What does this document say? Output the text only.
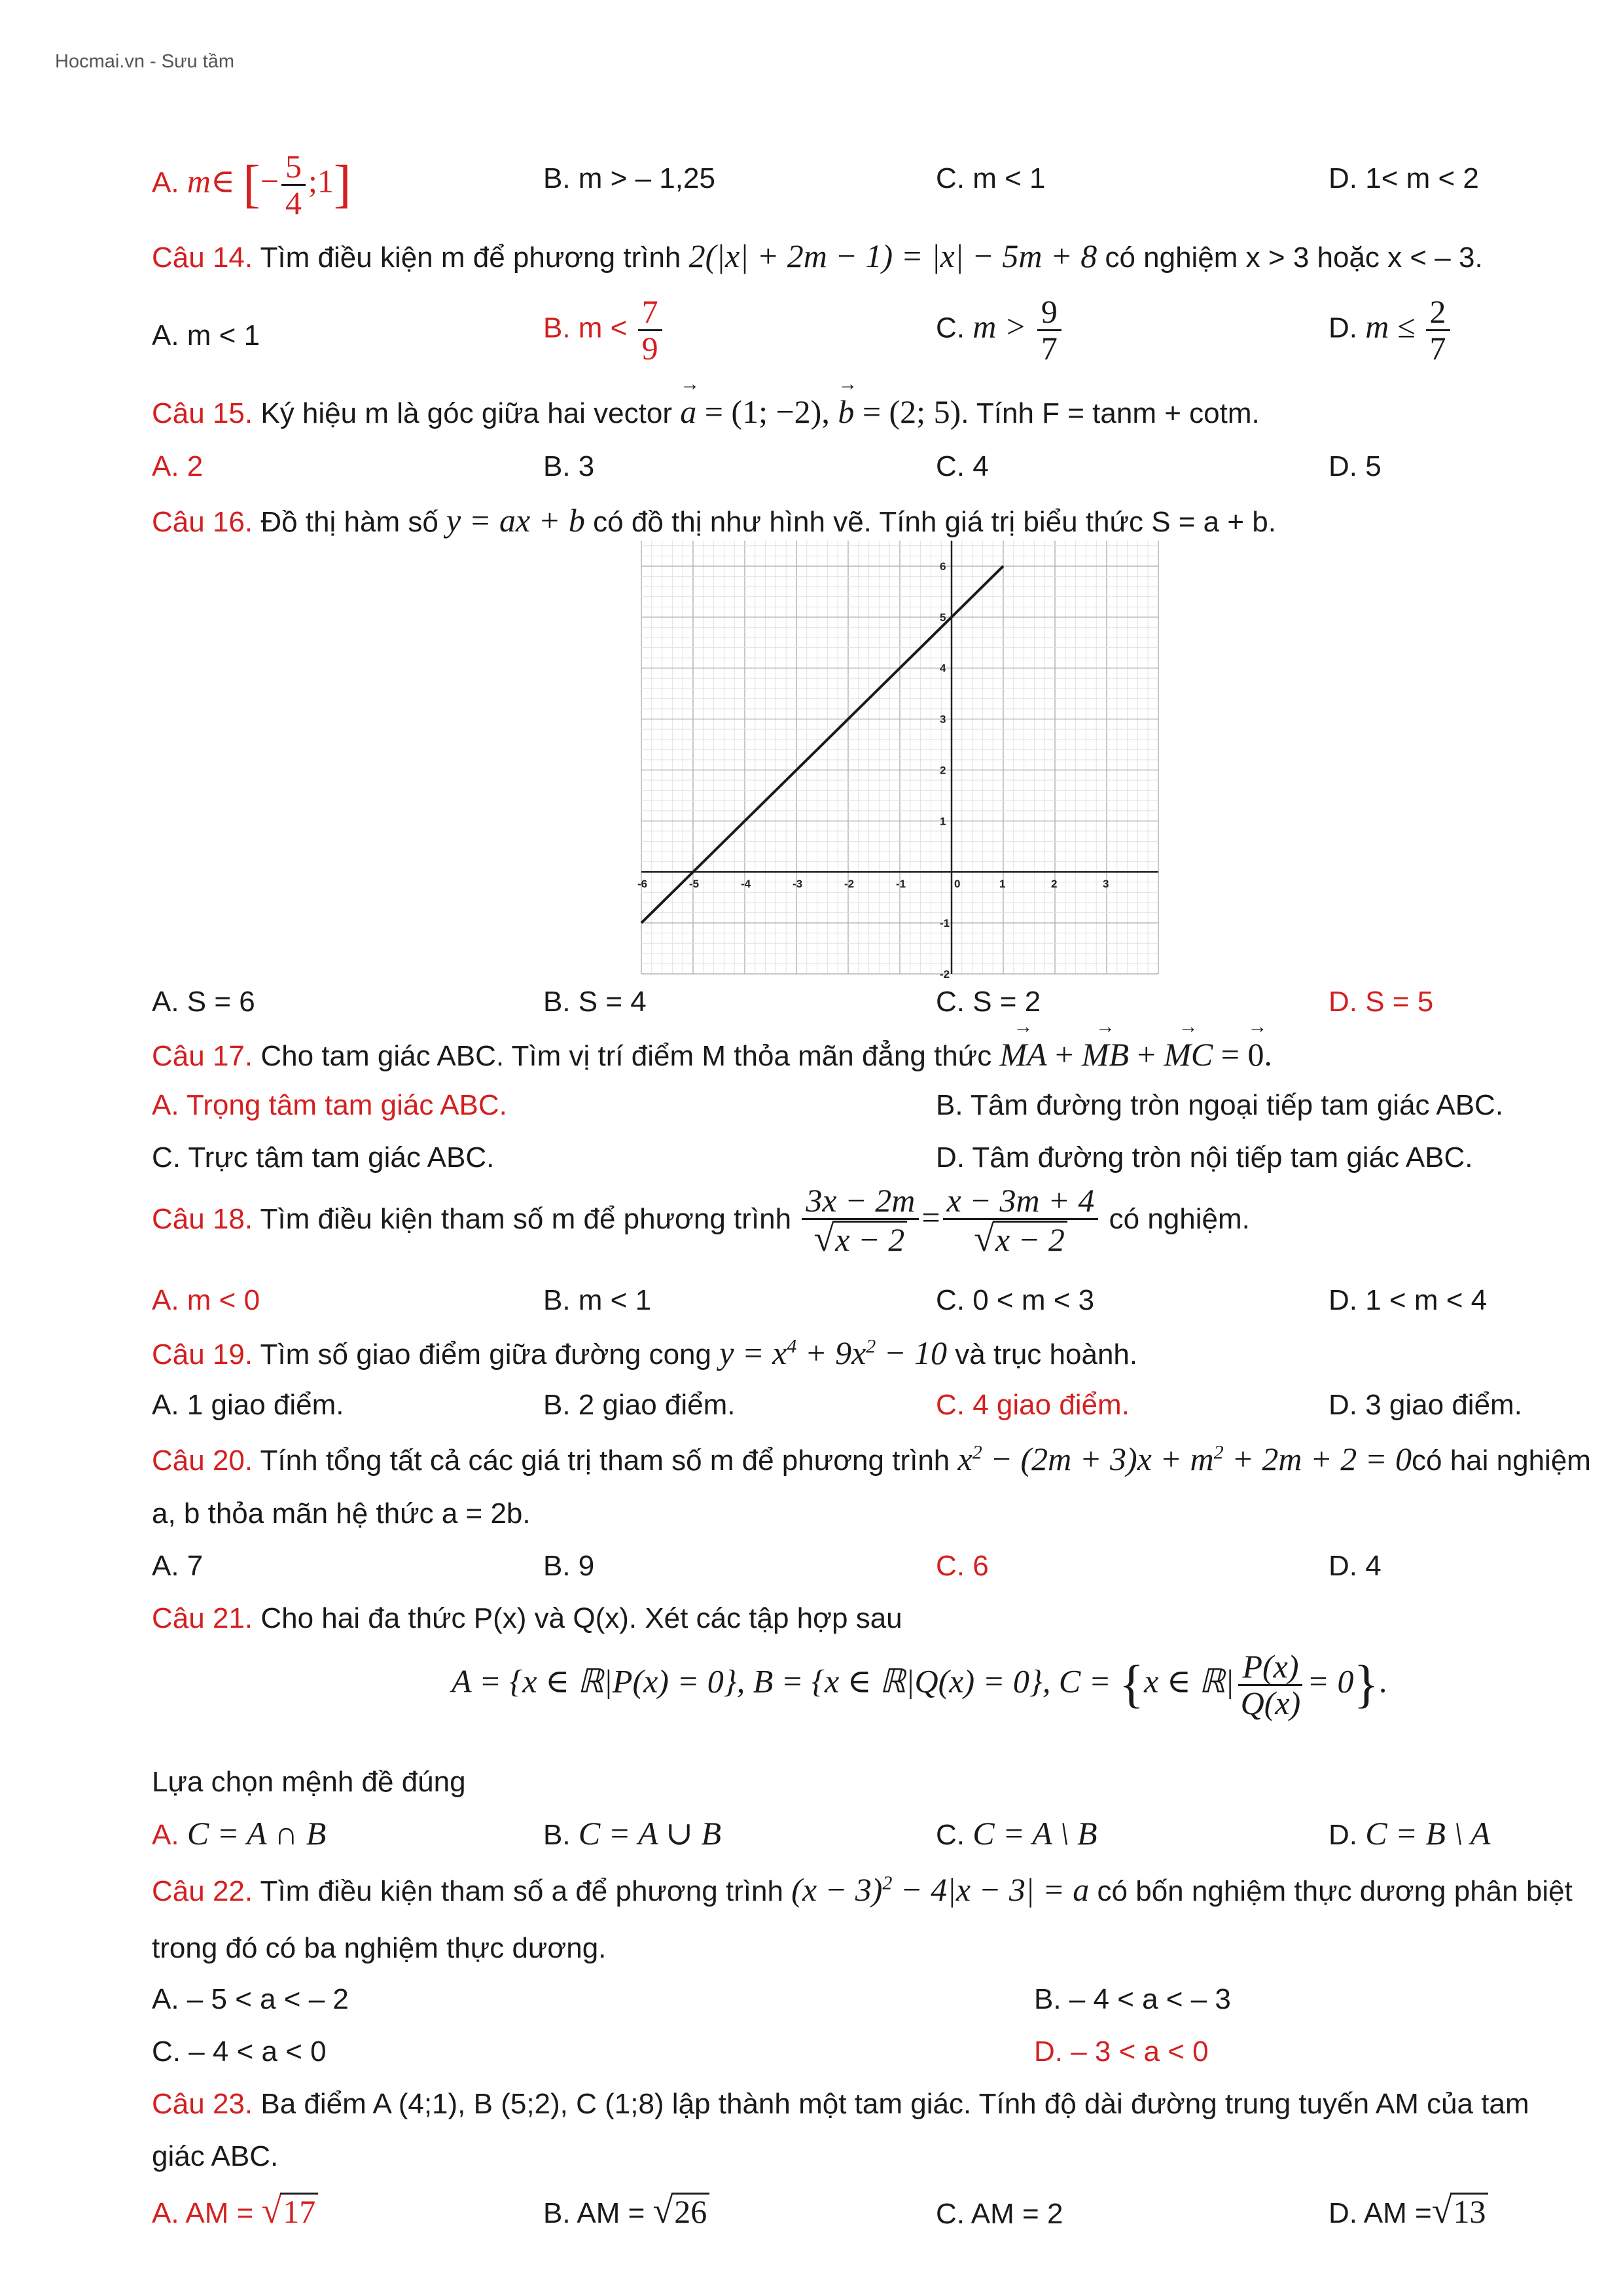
Hocmai.vn - Sưu tầm
A. m∈ [− $\frac{5}{4}$ ;1]	B. m > – 1,25	C. m < 1	D. 1< m < 2
Câu 14. Tìm điều kiện m để phương trình 2(|x| + 2m − 1) = |x| − 5m + 8 có nghiệm x > 3 hoặc x < – 3.
A. m < 1	B. $m < \frac{7}{9}$	C. $m > \frac{9}{7}$	D. $m \le \frac{2}{7}$
Câu 15. Ký hiệu m là góc giữa hai vector → a = (1; −2), → b = (2; 5). Tính F = tanm + cotm.
A. 2	B. 3	C. 4	D. 5
Câu 16. Đồ thị hàm số y = ax + b có đồ thị như hình vẽ. Tính giá trị biểu thức S = a + b.
-6	-5	-4	-3	-2	-1	0	1	2	3
-2
-1
1
2
3
4
5
6
A. S = 6	B. S = 4	C. S = 2	D. S = 5
Câu 17. Cho tam giác ABC. Tìm vị trí điểm M thỏa mãn đẳng thức → MA + → MB + → MC = → 0.
A. Trọng tâm tam giác ABC.	B. Tâm đường tròn ngoại tiếp tam giác ABC.
C. Trực tâm tam giác ABC.	D. Tâm đường tròn nội tiếp tam giác ABC.
Câu 18. Tìm điều kiện tham số m để phương trình $\frac{3x - 2m}{√x - 2} = \frac{x - 3m + 4}{√x - 2}$ có nghiệm.
A. m < 0	B. m < 1	C. 0 < m < 3	D. 1 < m < 4
Câu 19. Tìm số giao điểm giữa đường cong $y = x^4 + 9x^2 - 10$ và trục hoành.
A. 1 giao điểm.	B. 2 giao điểm.	C. 4 giao điểm.	D. 3 giao điểm.
Câu 20. Tính tổng tất cả các giá trị tham số m để phương trình $x^2 - (2m + 3)x + m^2 + 2m + 2$ = 0có hai nghiệm
a, b thỏa mãn hệ thức a = 2b.
A. 7	B. 9	C. 6	D. 4
Câu 21. Cho hai đa thức P(x) và Q(x). Xét các tập hợp sau
A = {x ∈ ℝ|P(x) = 0}, B = {x ∈ ℝ|Q(x) = 0}, C = {x ∈ ℝ| $\frac{P(x)}{Q(x)} = 0$}.
Lựa chọn mệnh đề đúng
A. C = A ∩ B	B. C = A ∪ B	C. C = A \ B	D. C = B \ A
Câu 22. Tìm điều kiện tham số a để phương trình $(x - 3)^2 - 4|x - 3| = a$ có bốn nghiệm thực dương phân biệt
trong đó có ba nghiệm thực dương.
A. – 5 < a < – 2	B. – 4 < a < – 3
C. – 4 < a < 0	D. – 3 < a < 0
Câu 23. Ba điểm A (4;1), B (5;2), C (1;8) lập thành một tam giác. Tính độ dài đường trung tuyến AM của tam
giác ABC.
A. AM = √17	B. AM = √26	C. AM = 2	D. AM =√13
